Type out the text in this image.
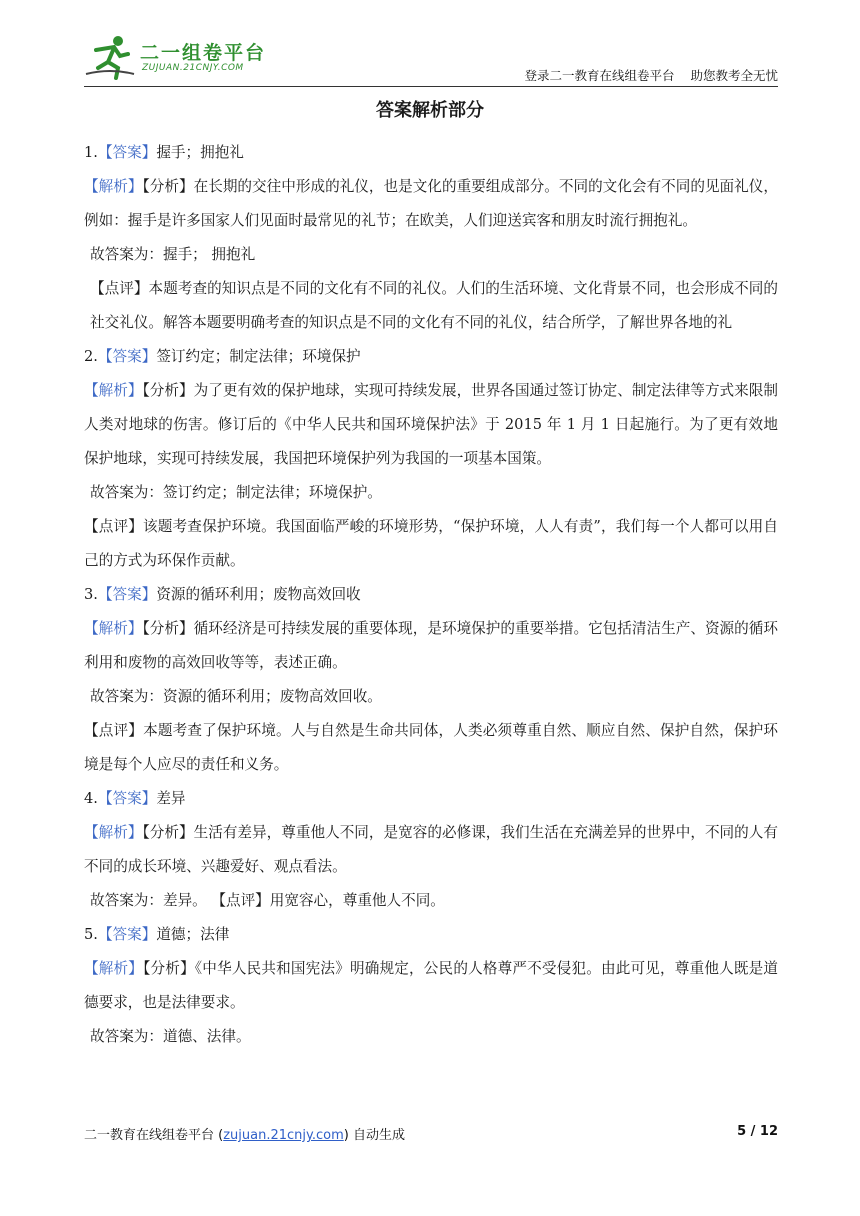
二一组卷平台
ZUJUAN.21CNJY.COM	登录二一教育在线组卷平台 助您教考全无忧
答案解析部分

1.【答案】握手；拥抱礼

【解析】【分析】在长期的交往中形成的礼仪，也是文化的重要组成部分。不同的文化会有不同的见面礼仪，例如：握手是许多国家人们见面时最常见的礼节；在欧美，人们迎送宾客和朋友时流行拥抱礼。

故答案为：握手； 拥抱礼

【点评】本题考查的知识点是不同的文化有不同的礼仪。人们的生活环境、文化背景不同，也会形成不同的社交礼仪。解答本题要明确考查的知识点是不同的文化有不同的礼仪，结合所学，了解世界各地的礼

2.【答案】签订约定；制定法律；环境保护

【解析】【分析】为了更有效的保护地球，实现可持续发展，世界各国通过签订协定、制定法律等方式来限制人类对地球的伤害。修订后的《中华人民共和国环境保护法》于 2015 年 1 月 1 日起施行。为了更有效地保护地球，实现可持续发展，我国把环境保护列为我国的一项基本国策。

故答案为：签订约定；制定法律；环境保护。

【点评】该题考查保护环境。我国面临严峻的环境形势，“保护环境，人人有责”，我们每一个人都可以用自己的方式为环保作贡献。

3.【答案】资源的循环利用；废物高效回收

【解析】【分析】循环经济是可持续发展的重要体现，是环境保护的重要举措。它包括清洁生产、资源的循环利用和废物的高效回收等等，表述正确。

故答案为：资源的循环利用；废物高效回收。

【点评】本题考查了保护环境。人与自然是生命共同体，人类必须尊重自然、顺应自然、保护自然，保护环境是每个人应尽的责任和义务。

4.【答案】差异

【解析】【分析】生活有差异，尊重他人不同，是宽容的必修课，我们生活在充满差异的世界中，不同的人有不同的成长环境、兴趣爱好、观点看法。

故答案为：差异。 【点评】用宽容心，尊重他人不同。

5.【答案】道德；法律

【解析】【分析】《中华人民共和国宪法》明确规定，公民的人格尊严不受侵犯。由此可见，尊重他人既是道德要求，也是法律要求。

故答案为：道德、法律。

二一教育在线组卷平台 (zujuan.21cnjy.com) 自动生成	5 / 12
